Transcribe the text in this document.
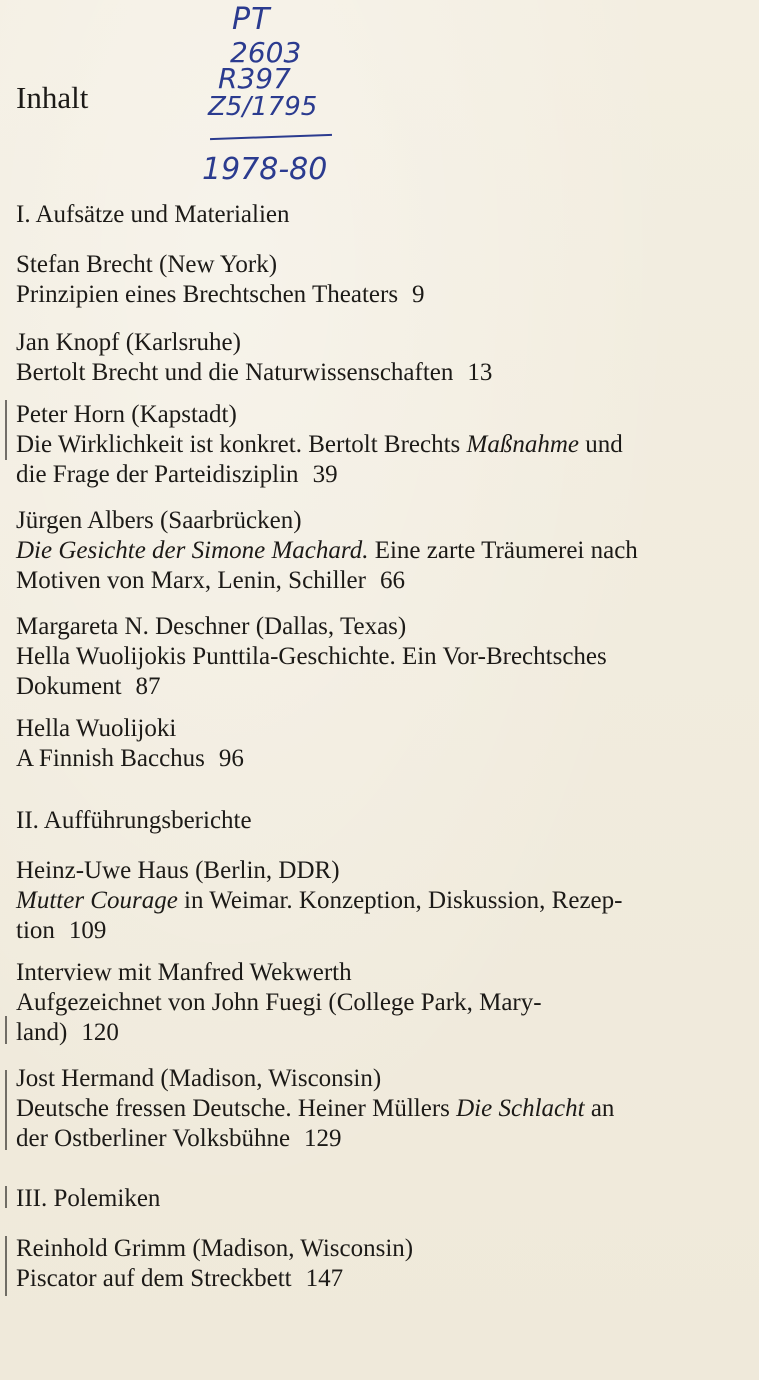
PT
2603
R397
Z5/1795
1978-80
Inhalt
I. Aufsätze und Materialien
Stefan Brecht (New York)
Prinzipien eines Brechtschen Theaters 9
Jan Knopf (Karlsruhe)
Bertolt Brecht und die Naturwissenschaften 13
Peter Horn (Kapstadt)
Die Wirklichkeit ist konkret. Bertolt Brechts Maßnahme und
die Frage der Parteidisziplin 39
Jürgen Albers (Saarbrücken)
Die Gesichte der Simone Machard. Eine zarte Träumerei nach
Motiven von Marx, Lenin, Schiller 66
Margareta N. Deschner (Dallas, Texas)
Hella Wuolijokis Punttila-Geschichte. Ein Vor-Brechtsches
Dokument 87
Hella Wuolijoki
A Finnish Bacchus 96
II. Aufführungsberichte
Heinz-Uwe Haus (Berlin, DDR)
Mutter Courage in Weimar. Konzeption, Diskussion, Rezep-
tion 109
Interview mit Manfred Wekwerth
Aufgezeichnet von John Fuegi (College Park, Mary-
land) 120
Jost Hermand (Madison, Wisconsin)
Deutsche fressen Deutsche. Heiner Müllers Die Schlacht an
der Ostberliner Volksbühne 129
III. Polemiken
Reinhold Grimm (Madison, Wisconsin)
Piscator auf dem Streckbett 147
